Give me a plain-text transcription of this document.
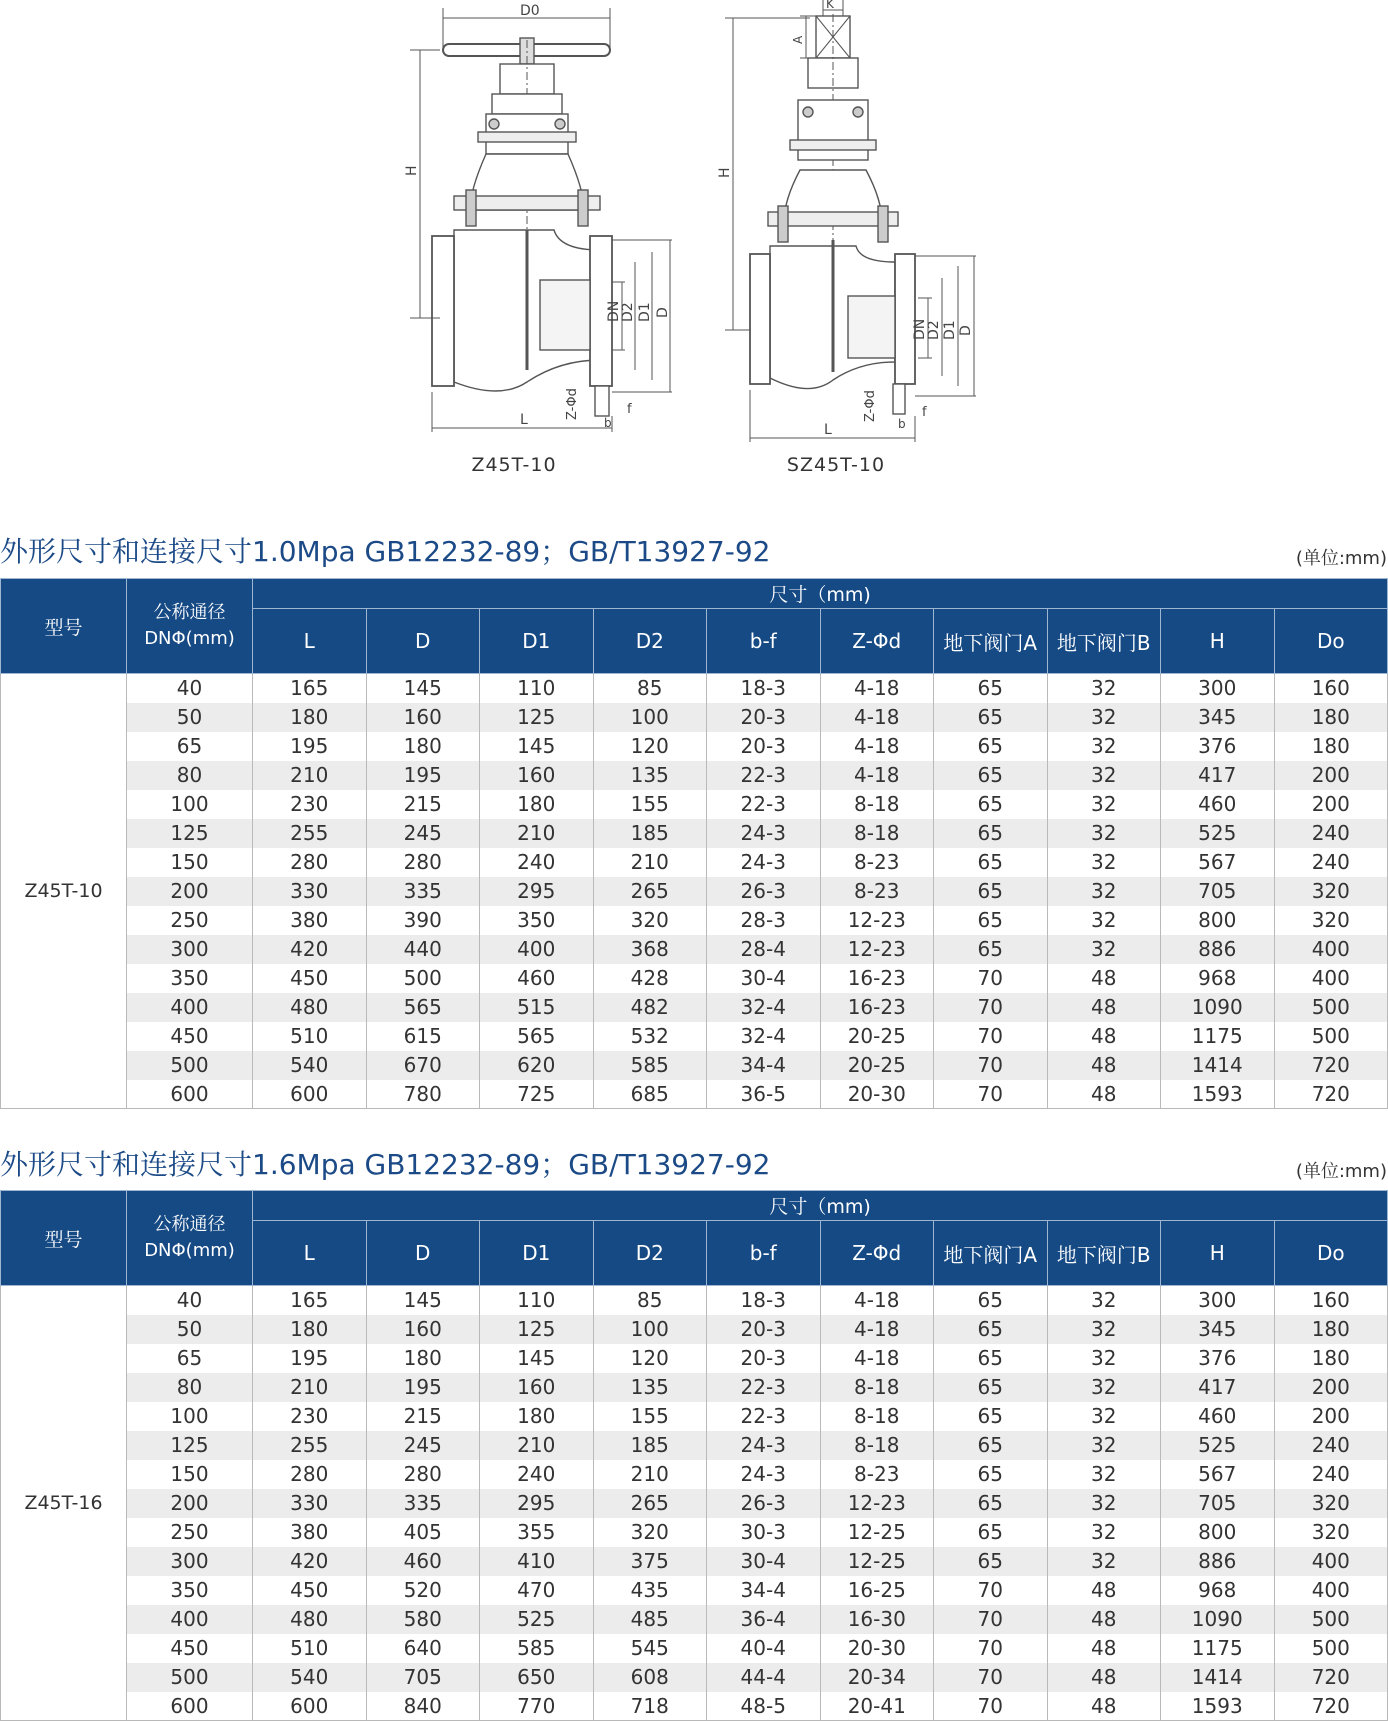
D0
H
DN
D2 D1 D
Z-Φd
b
f
L
Z45T-10
K
A
H
DN
D2 D1 D
Z-Φd
b
f
L
SZ45T-10
外形尺寸和连接尺寸1.0Mpa GB12232-89；GB/T13927-92	(单位:mm)
型号	公称通径
DNΦ(mm)	尺寸（mm)									
		L	D	D1	D2	b-f	Z-Φd	地下阀门A	地下阀门B	H	Do
Z45T-10	40	165	145	110	85	18-3	4-18	65	32	300	160
	50	180	160	125	100	20-3	4-18	65	32	345	180
	65	195	180	145	120	20-3	4-18	65	32	376	180
	80	210	195	160	135	22-3	4-18	65	32	417	200
	100	230	215	180	155	22-3	8-18	65	32	460	200
	125	255	245	210	185	24-3	8-18	65	32	525	240
	150	280	280	240	210	24-3	8-23	65	32	567	240
	200	330	335	295	265	26-3	8-23	65	32	705	320
	250	380	390	350	320	28-3	12-23	65	32	800	320
	300	420	440	400	368	28-4	12-23	65	32	886	400
	350	450	500	460	428	30-4	16-23	70	48	968	400
	400	480	565	515	482	32-4	16-23	70	48	1090	500
	450	510	615	565	532	32-4	20-25	70	48	1175	500
	500	540	670	620	585	34-4	20-25	70	48	1414	720
	600	600	780	725	685	36-5	20-30	70	48	1593	720
外形尺寸和连接尺寸1.6Mpa GB12232-89；GB/T13927-92	(单位:mm)
型号	公称通径
DNΦ(mm)	尺寸（mm)									
		L	D	D1	D2	b-f	Z-Φd	地下阀门A	地下阀门B	H	Do
Z45T-16	40	165	145	110	85	18-3	4-18	65	32	300	160
	50	180	160	125	100	20-3	4-18	65	32	345	180
	65	195	180	145	120	20-3	4-18	65	32	376	180
	80	210	195	160	135	22-3	8-18	65	32	417	200
	100	230	215	180	155	22-3	8-18	65	32	460	200
	125	255	245	210	185	24-3	8-18	65	32	525	240
	150	280	280	240	210	24-3	8-23	65	32	567	240
	200	330	335	295	265	26-3	12-23	65	32	705	320
	250	380	405	355	320	30-3	12-25	65	32	800	320
	300	420	460	410	375	30-4	12-25	65	32	886	400
	350	450	520	470	435	34-4	16-25	70	48	968	400
	400	480	580	525	485	36-4	16-30	70	48	1090	500
	450	510	640	585	545	40-4	20-30	70	48	1175	500
	500	540	705	650	608	44-4	20-34	70	48	1414	720
	600	600	840	770	718	48-5	20-41	70	48	1593	720
